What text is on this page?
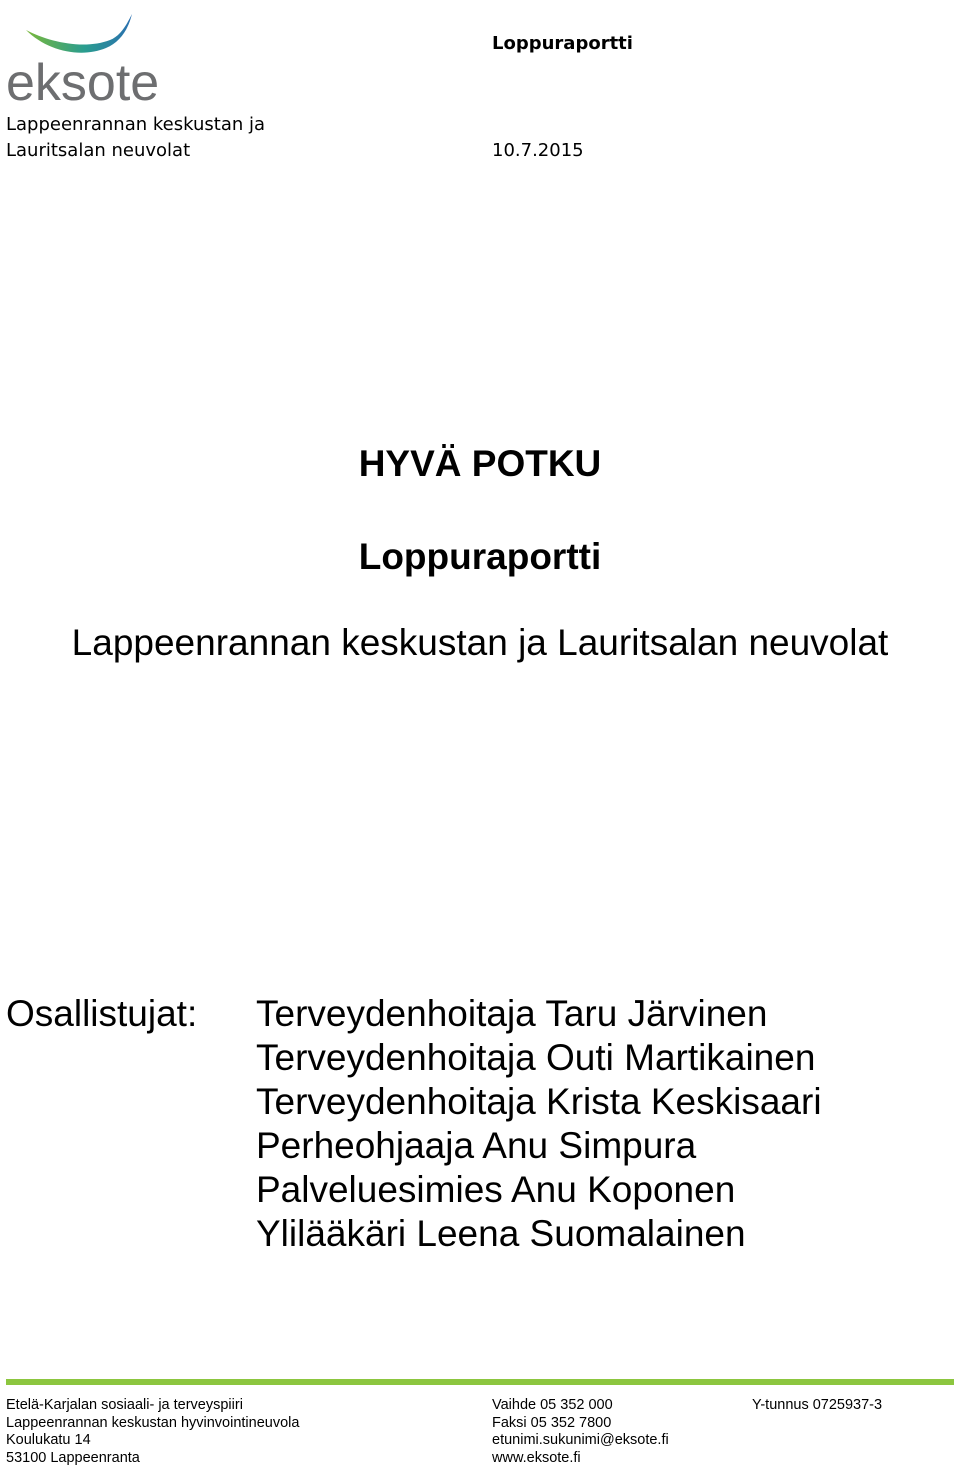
eksote
Loppuraportti
Lappeenrannan keskustan ja
Lauritsalan neuvolat	10.7.2015
HYVÄ POTKU
Loppuraportti
Lappeenrannan keskustan ja Lauritsalan neuvolat
Osallistujat: Terveydenhoitaja Taru Järvinen
Terveydenhoitaja Outi Martikainen
Terveydenhoitaja Krista Keskisaari
Perheohjaaja Anu Simpura
Palveluesimies Anu Koponen
Ylilääkäri Leena Suomalainen
Etelä-Karjalan sosiaali- ja terveyspiiri
Lappeenrannan keskustan hyvinvointineuvola
Koulukatu 14
53100 Lappeenranta
Vaihde 05 352 000
Faksi 05 352 7800
etunimi.sukunimi@eksote.fi
www.eksote.fi
Y-tunnus 0725937-3
